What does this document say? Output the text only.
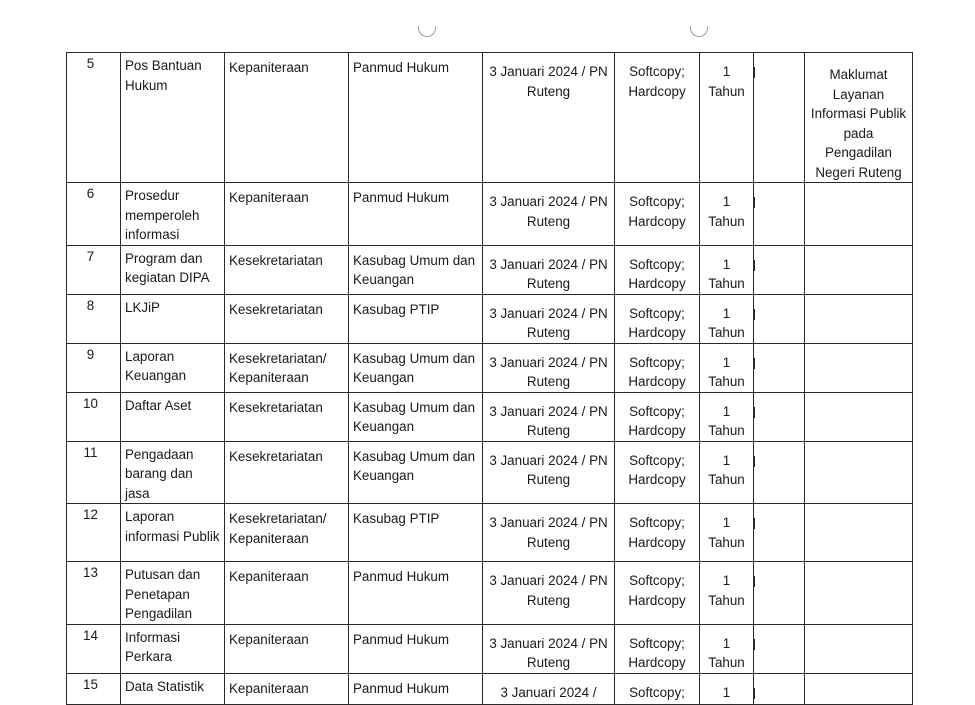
5	Pos Bantuan Hukum	Kepaniteraan	Panmud Hukum	3 Januari 2024 / PN Ruteng	Softcopy; Hardcopy	1 Tahun		Maklumat Layanan Informasi Publik pada Pengadilan Negeri Ruteng
6	Prosedur memperoleh informasi	Kepaniteraan	Panmud Hukum	3 Januari 2024 / PN Ruteng	Softcopy; Hardcopy	1 Tahun		
7	Program dan kegiatan DIPA	Kesekretariatan	Kasubag Umum dan Keuangan	3 Januari 2024 / PN Ruteng	Softcopy; Hardcopy	1 Tahun		
8	LKJiP	Kesekretariatan	Kasubag PTIP	3 Januari 2024 / PN Ruteng	Softcopy; Hardcopy	1 Tahun		
9	Laporan Keuangan	Kesekretariatan/ Kepaniteraan	Kasubag Umum dan Keuangan	3 Januari 2024 / PN Ruteng	Softcopy; Hardcopy	1 Tahun		
10	Daftar Aset	Kesekretariatan	Kasubag Umum dan Keuangan	3 Januari 2024 / PN Ruteng	Softcopy; Hardcopy	1 Tahun		
11	Pengadaan barang dan jasa	Kesekretariatan	Kasubag Umum dan Keuangan	3 Januari 2024 / PN Ruteng	Softcopy; Hardcopy	1 Tahun		
12	Laporan informasi Publik	Kesekretariatan/ Kepaniteraan	Kasubag PTIP	3 Januari 2024 / PN Ruteng	Softcopy; Hardcopy	1 Tahun		
13	Putusan dan Penetapan Pengadilan	Kepaniteraan	Panmud Hukum	3 Januari 2024 / PN Ruteng	Softcopy; Hardcopy	1 Tahun		
14	Informasi Perkara	Kepaniteraan	Panmud Hukum	3 Januari 2024 / PN Ruteng	Softcopy; Hardcopy	1 Tahun		
15	Data Statistik	Kepaniteraan	Panmud Hukum	3 Januari 2024 /	Softcopy;	1		
